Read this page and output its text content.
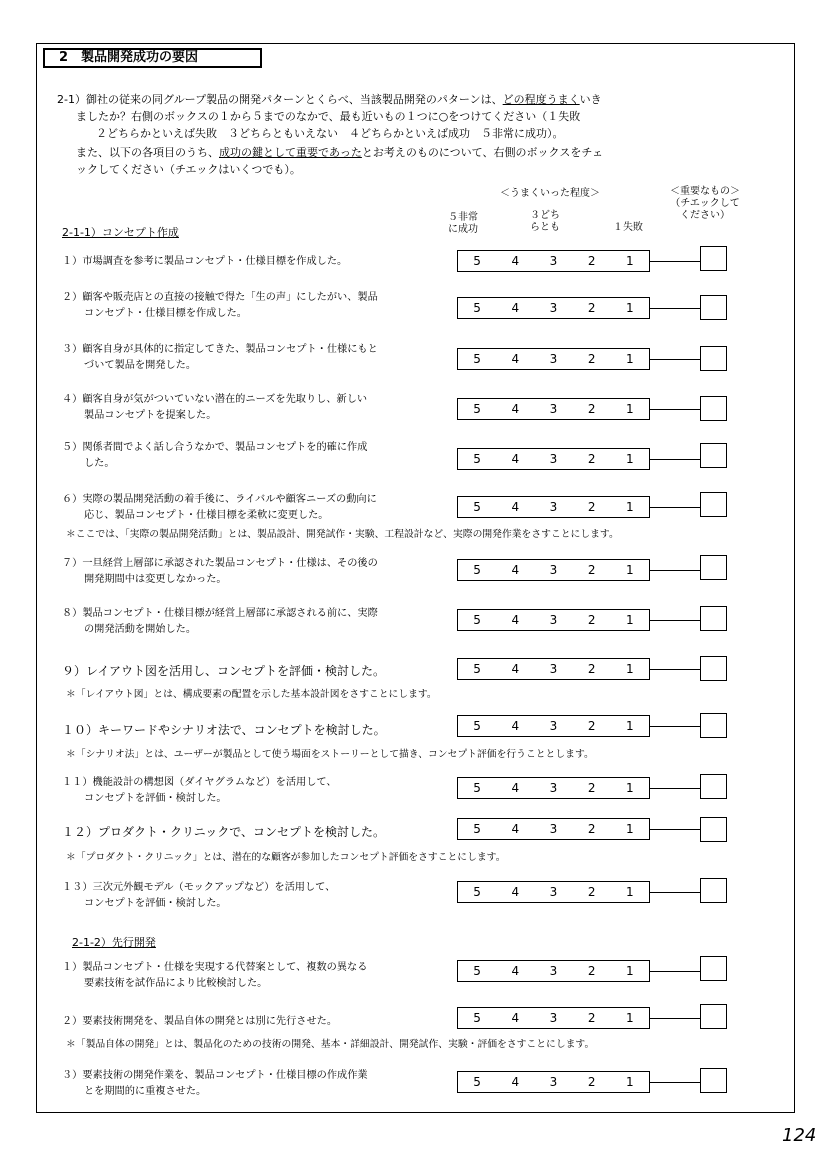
2　製品開発成功の要因
2-1）御社の従来の同グループ製品の開発パターンとくらべ、当該製品開発のパターンは、どの程度うまくいき
ましたか？右側のボックスの１から５までのなかで、最も近いもの１つに○をつけてください（１失敗
２どちらかといえば失敗　３どちらともいえない　４どちらかといえば成功　５非常に成功）。
また、以下の各項目のうち、成功の鍵として重要であったとお考えのものについて、右側のボックスをチェ
ックしてください（チエックはいくつでも）。
＜うまくいった程度＞
５非常
に成功
３どち
らとも	１失敗
＜重要なもの＞
（チエックして
ください）
2-1-1）コンセプト作成
2-1-2）先行開発
１）市場調査を参考に製品コンセプト・仕様目標を作成した。	5	4	3	2	1
２）顧客や販売店との直接の接触で得た「生の声」にしたがい、製品
コンセプト・仕様目標を作成した。	5	4	3	2	1
３）顧客自身が具体的に指定してきた、製品コンセプト・仕様にもと
づいて製品を開発した。	5	4	3	2	1
４）顧客自身が気がついていない潜在的ニーズを先取りし、新しい
製品コンセプトを提案した。	5	4	3	2	1
５）関係者間でよく話し合うなかで、製品コンセプトを的確に作成
した。	5	4	3	2	1
６）実際の製品開発活動の着手後に、ライバルや顧客ニーズの動向に
応じ、製品コンセプト・仕様目標を柔軟に変更した。
5	4	3	2	1
７）一旦経営上層部に承認された製品コンセプト・仕様は、その後の
開発期間中は変更しなかった。
5	4	3	2	1
８）製品コンセプト・仕様目標が経営上層部に承認される前に、実際
の開発活動を開始した。
5	4	3	2	1
９）レイアウト図を活用し、コンセプトを評価・検討した。	5	4	3	2	1
１０）キーワードやシナリオ法で、コンセプトを検討した。	5	4	3	2	1
１１）機能設計の構想図（ダイヤグラムなど）を活用して、
コンセプトを評価・検討した。
5	4	3	2	1
１２）プロダクト・クリニックで、コンセプトを検討した。	5	4	3	2	1
１３）三次元外観モデル（モックアップなど）を活用して、
コンセプトを評価・検討した。
5	4	3	2	1
１）製品コンセプト・仕様を実現する代替案として、複数の異なる
要素技術を試作品により比較検討した。
5	4	3	2	1
２）要素技術開発を、製品自体の開発とは別に先行させた。	5	4	3	2	1
３）要素技術の開発作業を、製品コンセプト・仕様目標の作成作業
とを期間的に重複させた。
5	4	3	2	1
＊ここでは、「実際の製品開発活動」とは、製品設計、開発試作・実験、工程設計など、実際の開発作業をさすことにします。
＊「レイアウト図」とは、構成要素の配置を示した基本設計図をさすことにします。
＊「シナリオ法」とは、ユーザーが製品として使う場面をストーリーとして描き、コンセプト評価を行うこととします。
＊「プロダクト・クリニック」とは、潜在的な顧客が参加したコンセプト評価をさすことにします。
＊「製品自体の開発」とは、製品化のための技術の開発、基本・詳細設計、開発試作、実験・評価をさすことにします。
124
